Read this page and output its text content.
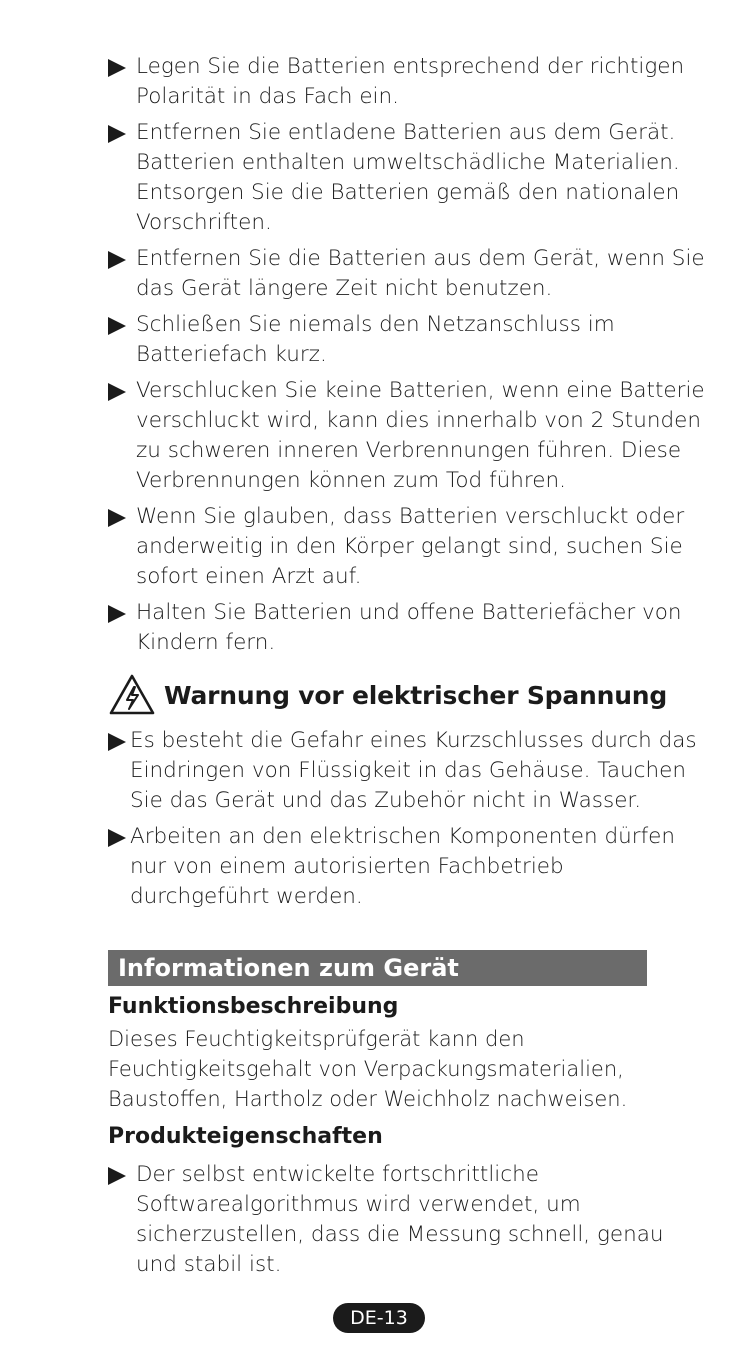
Legen Sie die Batterien entsprechend der richtigen Polarität in das Fach ein.
Entfernen Sie entladene Batterien aus dem Gerät. Batterien enthalten umweltschädliche Materialien. Entsorgen Sie die Batterien gemäß den nationalen Vorschriften.
Entfernen Sie die Batterien aus dem Gerät, wenn Sie das Gerät längere Zeit nicht benutzen.
Schließen Sie niemals den Netzanschluss im Batteriefach kurz.
Verschlucken Sie keine Batterien, wenn eine Batterie verschluckt wird, kann dies innerhalb von 2 Stunden zu schweren inneren Verbrennungen führen. Diese Verbrennungen können zum Tod führen.
Wenn Sie glauben, dass Batterien verschluckt oder anderweitig in den Körper gelangt sind, suchen Sie sofort einen Arzt auf.
Halten Sie Batterien und offene Batteriefächer von Kindern fern.
Warnung vor elektrischer Spannung
Es besteht die Gefahr eines Kurzschlusses durch das Eindringen von Flüssigkeit in das Gehäuse. Tauchen Sie das Gerät und das Zubehör nicht in Wasser.
Arbeiten an den elektrischen Komponenten dürfen nur von einem autorisierten Fachbetrieb durchgeführt werden.
Informationen zum Gerät
Funktionsbeschreibung
Dieses Feuchtigkeitsprüfgerät kann den Feuchtigkeitsgehalt von Verpackungsmaterialien, Baustoffen, Hartholz oder Weichholz nachweisen.
Produkteigenschaften
Der selbst entwickelte fortschrittliche Softwarealgorithmus wird verwendet, um sicherzustellen, dass die Messung schnell, genau und stabil ist.
DE-13
